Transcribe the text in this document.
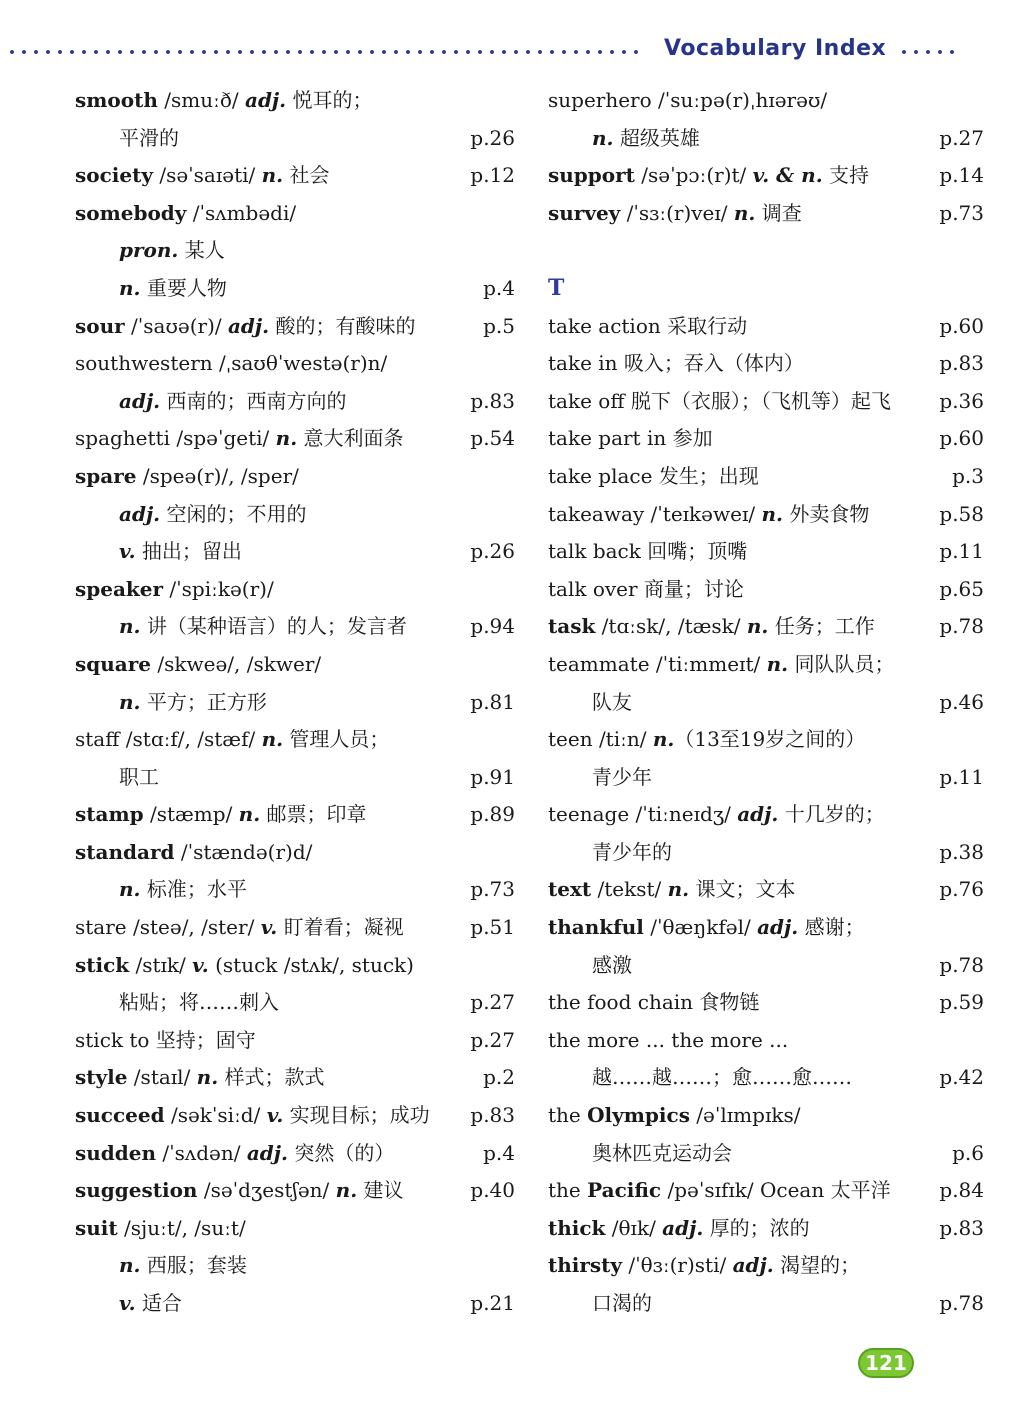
Vocabulary Index
smooth /smuːð/ adj. 悦耳的；
平滑的	p.26
society /səˈsaɪəti/ n. 社会	p.12
somebody /ˈsʌmbədi/
pron. 某人
n. 重要人物	p.4
sour /ˈsaʊə(r)/ adj. 酸的；有酸味的	p.5
southwestern /ˌsaʊθˈwestə(r)n/
adj. 西南的；西南方向的	p.83
spaghetti /spəˈgeti/ n. 意大利面条	p.54
spare /speə(r)/, /sper/
adj. 空闲的；不用的
v. 抽出；留出	p.26
speaker /ˈspiːkə(r)/
n. 讲（某种语言）的人；发言者	p.94
square /skweə/, /skwer/
n. 平方；正方形	p.81
staff /stɑːf/, /stæf/ n. 管理人员；
职工	p.91
stamp /stæmp/ n. 邮票；印章	p.89
standard /ˈstændə(r)d/
n. 标准；水平	p.73
stare /steə/, /ster/ v. 盯着看；凝视	p.51
stick /stɪk/ v. (stuck /stʌk/, stuck)
粘贴；将……刺入	p.27
stick to 坚持；固守	p.27
style /staɪl/ n. 样式；款式	p.2
succeed /səkˈsiːd/ v. 实现目标；成功 p.83
sudden /ˈsʌdən/ adj. 突然（的）	p.4
suggestion /səˈdʒestʃən/ n. 建议	p.40
suit /sjuːt/, /suːt/
n. 西服；套装
v. 适合	p.21
superhero /ˈsuːpə(r)ˌhɪərəʊ/
n. 超级英雄	p.27
support /səˈpɔː(r)t/ v. & n. 支持	p.14
survey /ˈsɜː(r)veɪ/ n. 调查	p.73
T
take action 采取行动	p.60
take in 吸入；吞入（体内）	p.83
take off 脱下（衣服）；（飞机等）起飞 p.36
take part in 参加	p.60
take place 发生；出现	p.3
takeaway /ˈteɪkəweɪ/ n. 外卖食物	p.58
talk back 回嘴；顶嘴	p.11
talk over 商量；讨论	p.65
task /tɑːsk/, /tæsk/ n. 任务；工作	p.78
teammate /ˈtiːmmeɪt/ n. 同队队员；
队友	p.46
teen /tiːn/ n.（13至19岁之间的）
青少年	p.11
teenage /ˈtiːneɪdʒ/ adj. 十几岁的；
青少年的	p.38
text /tekst/ n. 课文；文本	p.76
thankful /ˈθæŋkfəl/ adj. 感谢；
感激	p.78
the food chain 食物链	p.59
the more ... the more ...
越……越……；愈……愈……	p.42
the Olympics /əˈlɪmpɪks/
奥林匹克运动会	p.6
the Pacific /pəˈsɪfɪk/ Ocean 太平洋 p.84
thick /θɪk/ adj. 厚的；浓的	p.83
thirsty /ˈθɜː(r)sti/ adj. 渴望的；
口渴的	p.78
121
